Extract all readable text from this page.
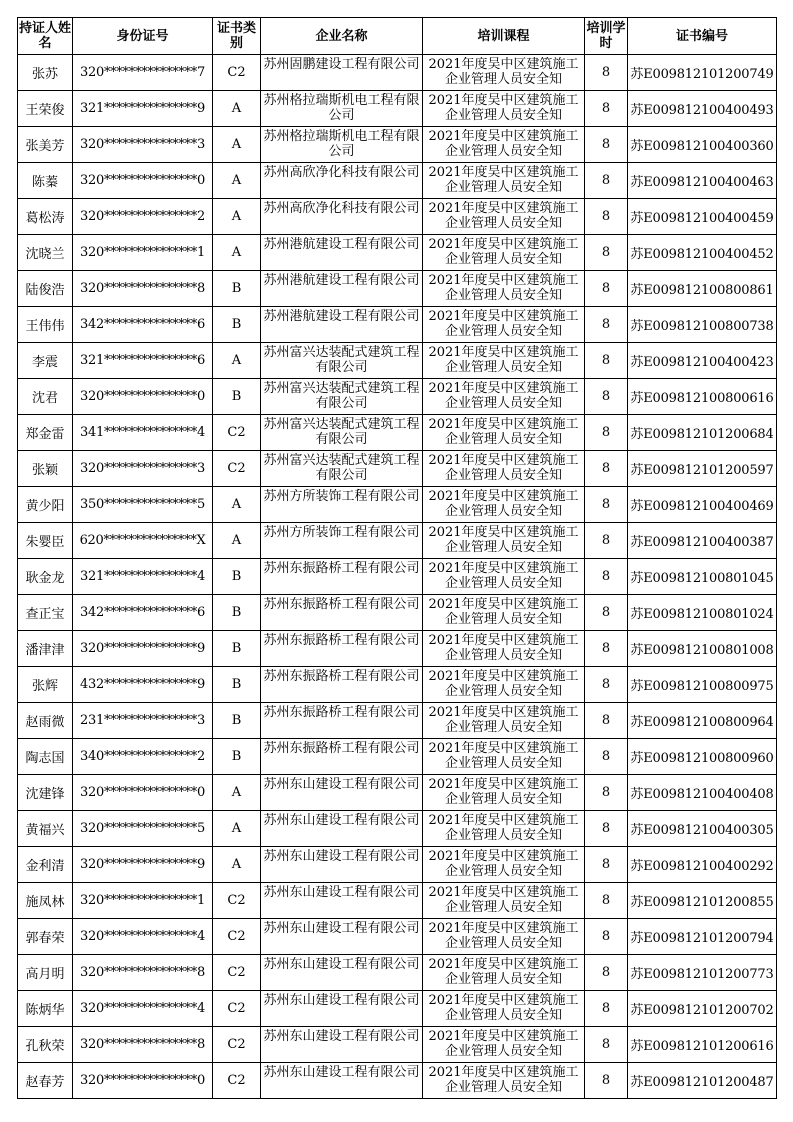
持证人姓名	身份证号	证书类别	企业名称	培训课程	培训学时	证书编号
张苏	320***************7	C2	苏州固鹏建设工程有限公司	2021年度吴中区建筑施工企业管理人员安全知	8	苏E009812101200749
王荣俊	321***************9	A	苏州格拉瑞斯机电工程有限公司	2021年度吴中区建筑施工企业管理人员安全知	8	苏E009812100400493
张美芳	320***************3	A	苏州格拉瑞斯机电工程有限公司	2021年度吴中区建筑施工企业管理人员安全知	8	苏E009812100400360
陈蓁	320***************0	A	苏州高欣净化科技有限公司	2021年度吴中区建筑施工企业管理人员安全知	8	苏E009812100400463
葛松涛	320***************2	A	苏州高欣净化科技有限公司	2021年度吴中区建筑施工企业管理人员安全知	8	苏E009812100400459
沈晓兰	320***************1	A	苏州港航建设工程有限公司	2021年度吴中区建筑施工企业管理人员安全知	8	苏E009812100400452
陆俊浩	320***************8	B	苏州港航建设工程有限公司	2021年度吴中区建筑施工企业管理人员安全知	8	苏E009812100800861
王伟伟	342***************6	B	苏州港航建设工程有限公司	2021年度吴中区建筑施工企业管理人员安全知	8	苏E009812100800738
李震	321***************6	A	苏州富兴达装配式建筑工程有限公司	2021年度吴中区建筑施工企业管理人员安全知	8	苏E009812100400423
沈君	320***************0	B	苏州富兴达装配式建筑工程有限公司	2021年度吴中区建筑施工企业管理人员安全知	8	苏E009812100800616
郑金雷	341***************4	C2	苏州富兴达装配式建筑工程有限公司	2021年度吴中区建筑施工企业管理人员安全知	8	苏E009812101200684
张颖	320***************3	C2	苏州富兴达装配式建筑工程有限公司	2021年度吴中区建筑施工企业管理人员安全知	8	苏E009812101200597
黄少阳	350***************5	A	苏州方所装饰工程有限公司	2021年度吴中区建筑施工企业管理人员安全知	8	苏E009812100400469
朱婴臣	620***************X	A	苏州方所装饰工程有限公司	2021年度吴中区建筑施工企业管理人员安全知	8	苏E009812100400387
耿金龙	321***************4	B	苏州东振路桥工程有限公司	2021年度吴中区建筑施工企业管理人员安全知	8	苏E009812100801045
查正宝	342***************6	B	苏州东振路桥工程有限公司	2021年度吴中区建筑施工企业管理人员安全知	8	苏E009812100801024
潘津津	320***************9	B	苏州东振路桥工程有限公司	2021年度吴中区建筑施工企业管理人员安全知	8	苏E009812100801008
张辉	432***************9	B	苏州东振路桥工程有限公司	2021年度吴中区建筑施工企业管理人员安全知	8	苏E009812100800975
赵雨微	231***************3	B	苏州东振路桥工程有限公司	2021年度吴中区建筑施工企业管理人员安全知	8	苏E009812100800964
陶志国	340***************2	B	苏州东振路桥工程有限公司	2021年度吴中区建筑施工企业管理人员安全知	8	苏E009812100800960
沈建锋	320***************0	A	苏州东山建设工程有限公司	2021年度吴中区建筑施工企业管理人员安全知	8	苏E009812100400408
黄福兴	320***************5	A	苏州东山建设工程有限公司	2021年度吴中区建筑施工企业管理人员安全知	8	苏E009812100400305
金利清	320***************9	A	苏州东山建设工程有限公司	2021年度吴中区建筑施工企业管理人员安全知	8	苏E009812100400292
施凤林	320***************1	C2	苏州东山建设工程有限公司	2021年度吴中区建筑施工企业管理人员安全知	8	苏E009812101200855
郭春荣	320***************4	C2	苏州东山建设工程有限公司	2021年度吴中区建筑施工企业管理人员安全知	8	苏E009812101200794
高月明	320***************8	C2	苏州东山建设工程有限公司	2021年度吴中区建筑施工企业管理人员安全知	8	苏E009812101200773
陈炳华	320***************4	C2	苏州东山建设工程有限公司	2021年度吴中区建筑施工企业管理人员安全知	8	苏E009812101200702
孔秋荣	320***************8	C2	苏州东山建设工程有限公司	2021年度吴中区建筑施工企业管理人员安全知	8	苏E009812101200616
赵春芳	320***************0	C2	苏州东山建设工程有限公司	2021年度吴中区建筑施工企业管理人员安全知	8	苏E009812101200487
